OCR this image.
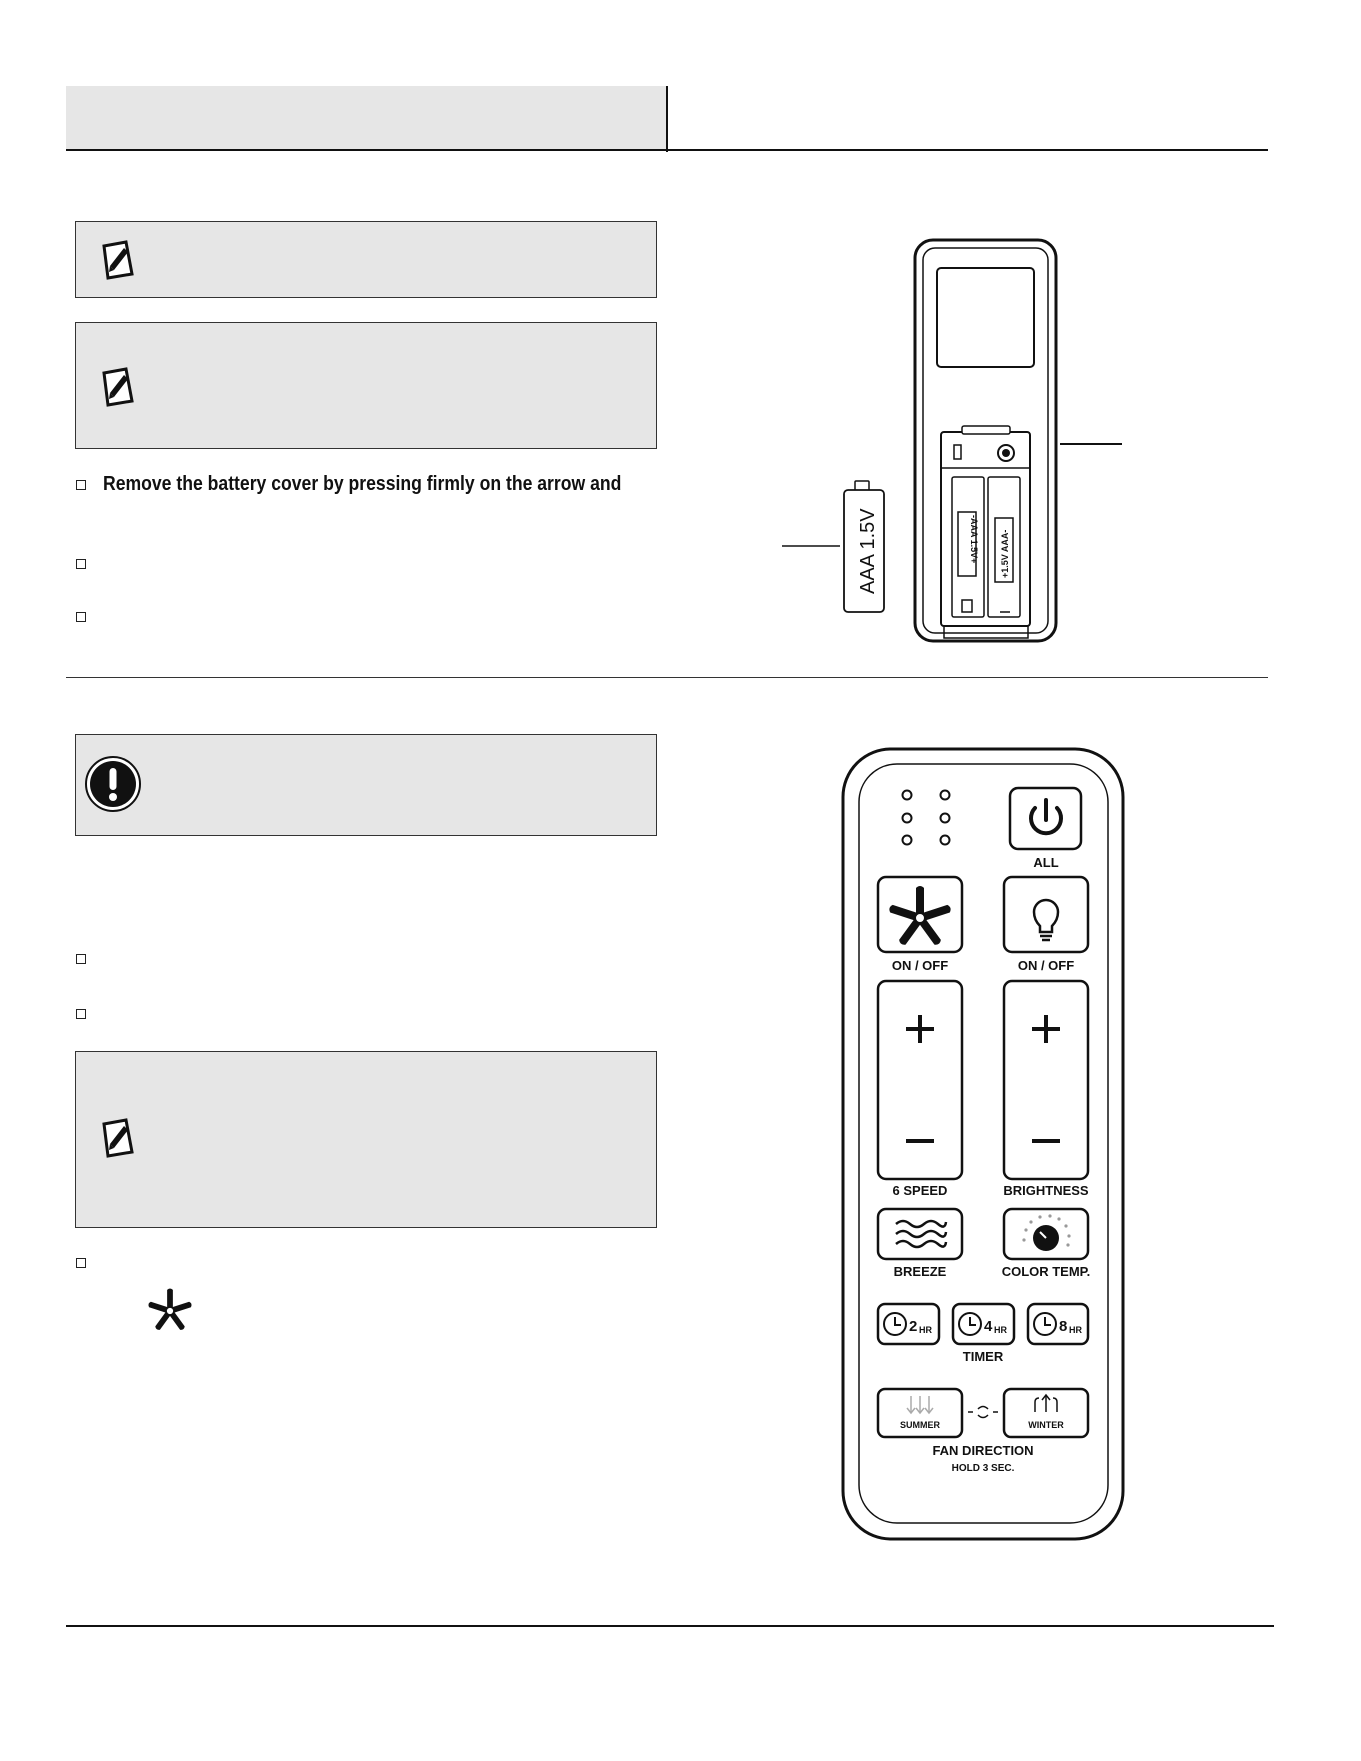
Remove the battery cover by pressing firmly on the arrow and
-AAA 1.5V+ +1.5V AAA-
AAA 1.5V
ALL
ON / OFF	ON / OFF
6 SPEED	BRIGHTNESS
BREEZE	COLOR TEMP.
2 HR	4 HR	8 HR
TIMER
SUMMER	WINTER
FAN DIRECTION
HOLD 3 SEC.
